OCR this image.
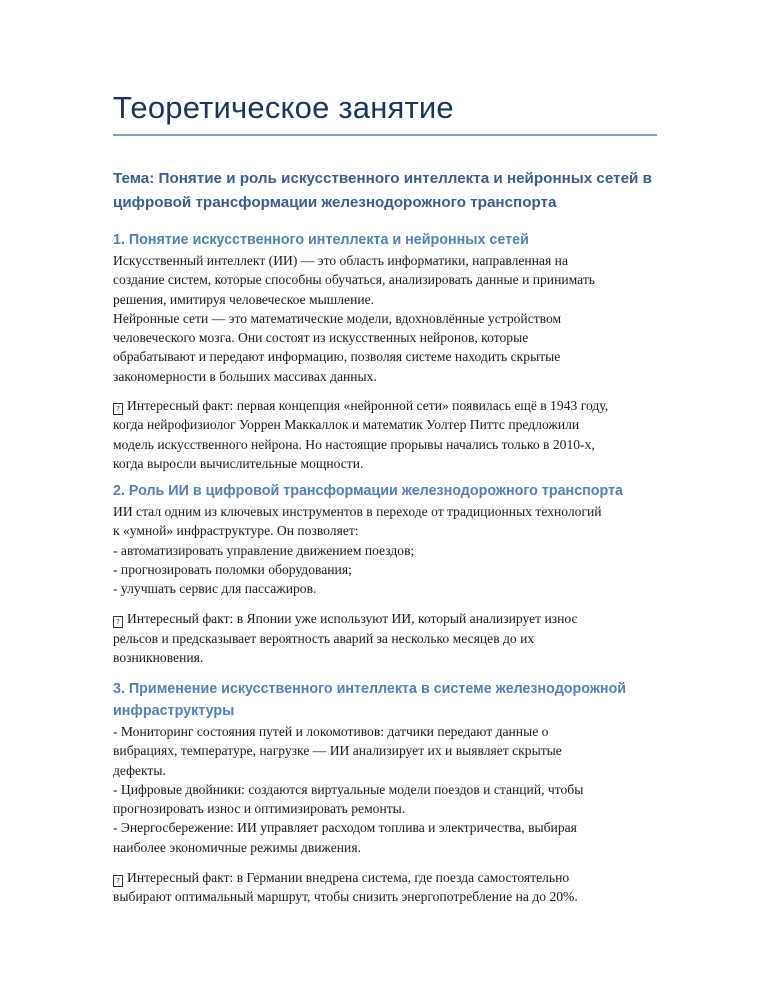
Теоретическое занятие
Тема: Понятие и роль искусственного интеллекта и нейронных сетей в
цифровой трансформации железнодорожного транспорта
1. Понятие искусственного интеллекта и нейронных сетей

Искусственный интеллект (ИИ) — это область информатики, направленная на
создание систем, которые способны обучаться, анализировать данные и принимать
решения, имитируя человеческое мышление.
Нейронные сети — это математические модели, вдохновлённые устройством
человеческого мозга. Они состоят из искусственных нейронов, которые
обрабатывают и передают информацию, позволяя системе находить скрытые
закономерности в больших массивах данных.

? Интересный факт: первая концепция «нейронной сети» появилась ещё в 1943 году,
когда нейрофизиолог Уоррен Маккаллок и математик Уолтер Питтс предложили
модель искусственного нейрона. Но настоящие прорывы начались только в 2010-х,
когда выросли вычислительные мощности.

2. Роль ИИ в цифровой трансформации железнодорожного транспорта

ИИ стал одним из ключевых инструментов в переходе от традиционных технологий
к «умной» инфраструктуре. Он позволяет:
- автоматизировать управление движением поездов;
- прогнозировать поломки оборудования;
- улучшать сервис для пассажиров.

? Интересный факт: в Японии уже используют ИИ, который анализирует износ
рельсов и предсказывает вероятность аварий за несколько месяцев до их
возникновения.

3. Применение искусственного интеллекта в системе железнодорожной
инфраструктуры

- Мониторинг состояния путей и локомотивов: датчики передают данные о
вибрациях, температуре, нагрузке — ИИ анализирует их и выявляет скрытые
дефекты.
- Цифровые двойники: создаются виртуальные модели поездов и станций, чтобы
прогнозировать износ и оптимизировать ремонты.
- Энергосбережение: ИИ управляет расходом топлива и электричества, выбирая
наиболее экономичные режимы движения.

? Интересный факт: в Германии внедрена система, где поезда самостоятельно
выбирают оптимальный маршрут, чтобы снизить энергопотребление на до 20%.
